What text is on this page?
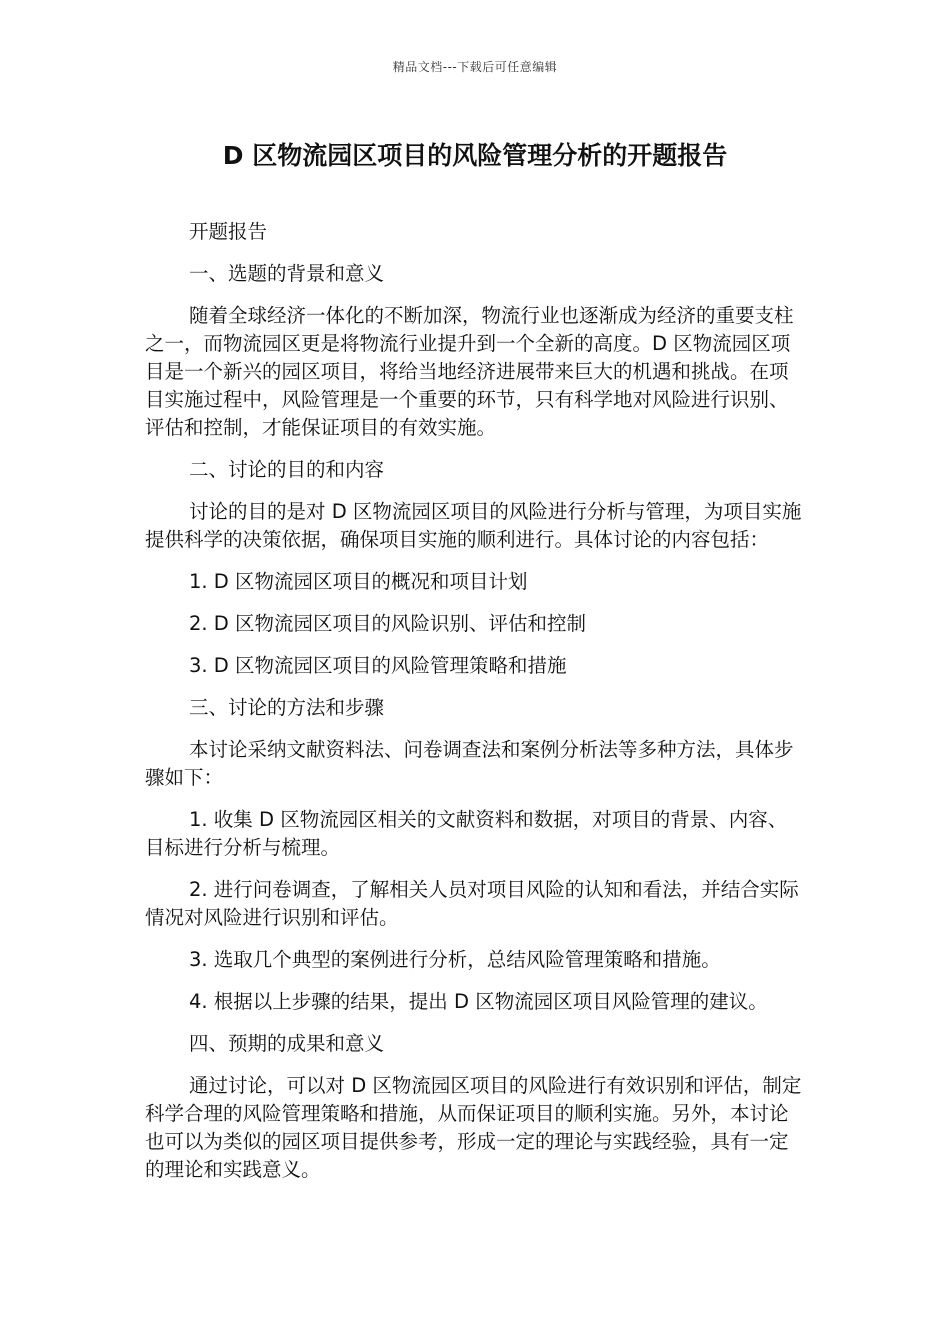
精品文档---下载后可任意编辑
D 区物流园区项目的风险管理分析的开题报告

开题报告

一、选题的背景和意义

随着全球经济一体化的不断加深，物流行业也逐渐成为经济的重要支柱之一，而物流园区更是将物流行业提升到一个全新的高度。D 区物流园区项目是一个新兴的园区项目，将给当地经济进展带来巨大的机遇和挑战。在项目实施过程中，风险管理是一个重要的环节，只有科学地对风险进行识别、评估和控制，才能保证项目的有效实施。

二、讨论的目的和内容

讨论的目的是对 D 区物流园区项目的风险进行分析与管理，为项目实施提供科学的决策依据，确保项目实施的顺利进行。具体讨论的内容包括：

1. D 区物流园区项目的概况和项目计划

2. D 区物流园区项目的风险识别、评估和控制

3. D 区物流园区项目的风险管理策略和措施

三、讨论的方法和步骤

本讨论采纳文献资料法、问卷调查法和案例分析法等多种方法，具体步骤如下：

1. 收集 D 区物流园区相关的文献资料和数据，对项目的背景、内容、目标进行分析与梳理。

2. 进行问卷调查，了解相关人员对项目风险的认知和看法，并结合实际情况对风险进行识别和评估。

3. 选取几个典型的案例进行分析，总结风险管理策略和措施。

4. 根据以上步骤的结果，提出 D 区物流园区项目风险管理的建议。

四、预期的成果和意义

通过讨论，可以对 D 区物流园区项目的风险进行有效识别和评估，制定科学合理的风险管理策略和措施，从而保证项目的顺利实施。另外，本讨论也可以为类似的园区项目提供参考，形成一定的理论与实践经验，具有一定的理论和实践意义。
